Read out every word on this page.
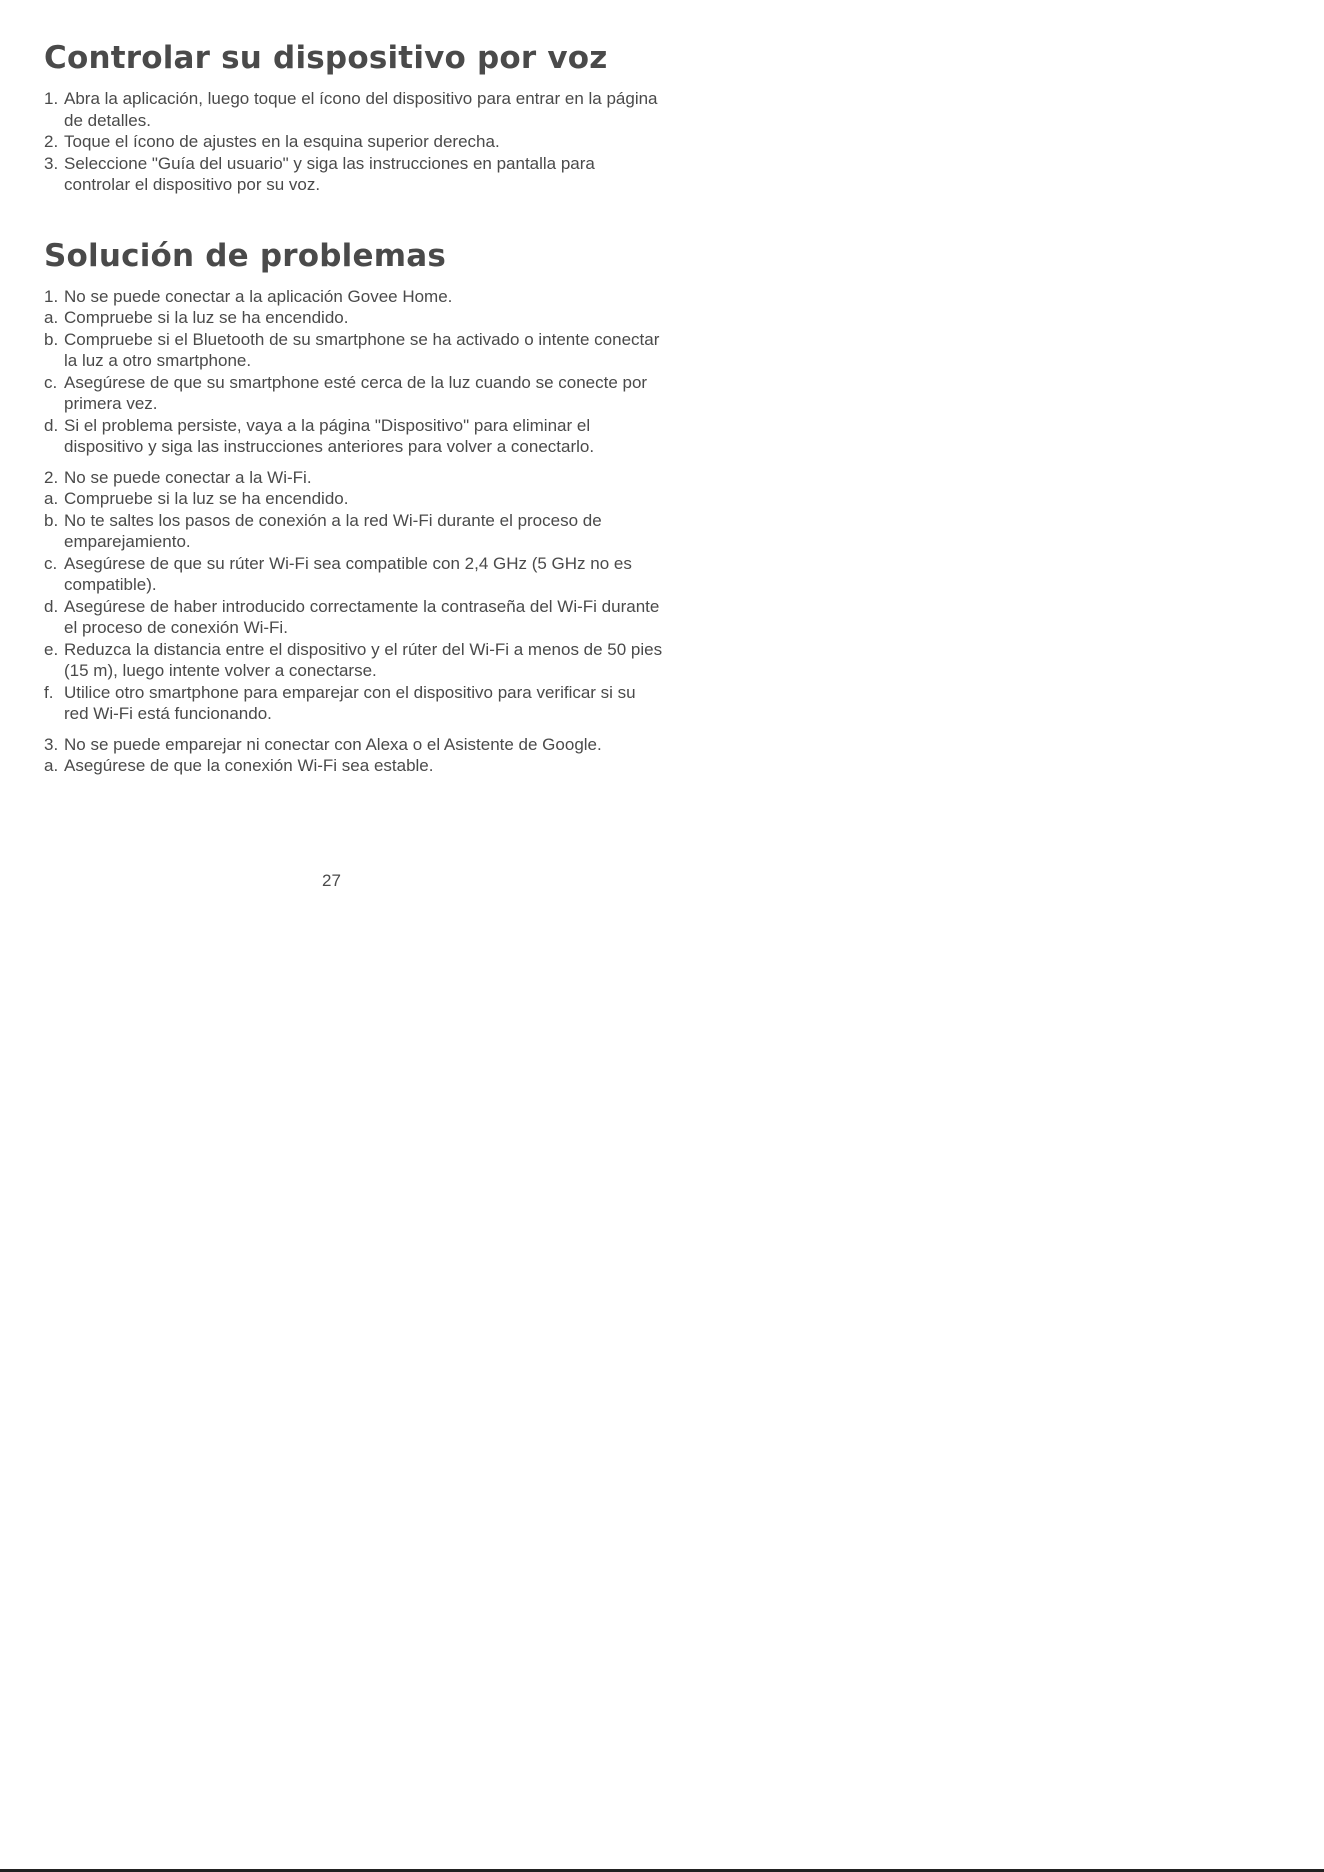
Controlar su dispositivo por voz
1. Abra la aplicación, luego toque el ícono del dispositivo para entrar en la página de detalles.
2. Toque el ícono de ajustes en la esquina superior derecha.
3. Seleccione "Guía del usuario" y siga las instrucciones en pantalla para controlar el dispositivo por su voz.
Solución de problemas
1. No se puede conectar a la aplicación Govee Home.
a. Compruebe si la luz se ha encendido.
b. Compruebe si el Bluetooth de su smartphone se ha activado o intente conectar la luz a otro smartphone.
c. Asegúrese de que su smartphone esté cerca de la luz cuando se conecte por primera vez.
d. Si el problema persiste, vaya a la página "Dispositivo" para eliminar el dispositivo y siga las instrucciones anteriores para volver a conectarlo.
2. No se puede conectar a la Wi-Fi.
a. Compruebe si la luz se ha encendido.
b. No te saltes los pasos de conexión a la red Wi-Fi durante el proceso de emparejamiento.
c. Asegúrese de que su rúter Wi-Fi sea compatible con 2,4 GHz (5 GHz no es compatible).
d. Asegúrese de haber introducido correctamente la contraseña del Wi-Fi durante el proceso de conexión Wi-Fi.
e. Reduzca la distancia entre el dispositivo y el rúter del Wi-Fi a menos de 50 pies (15 m), luego intente volver a conectarse.
f. Utilice otro smartphone para emparejar con el dispositivo para verificar si su red Wi-Fi está funcionando.
3. No se puede emparejar ni conectar con Alexa o el Asistente de Google.
a. Asegúrese de que la conexión Wi-Fi sea estable.
27
